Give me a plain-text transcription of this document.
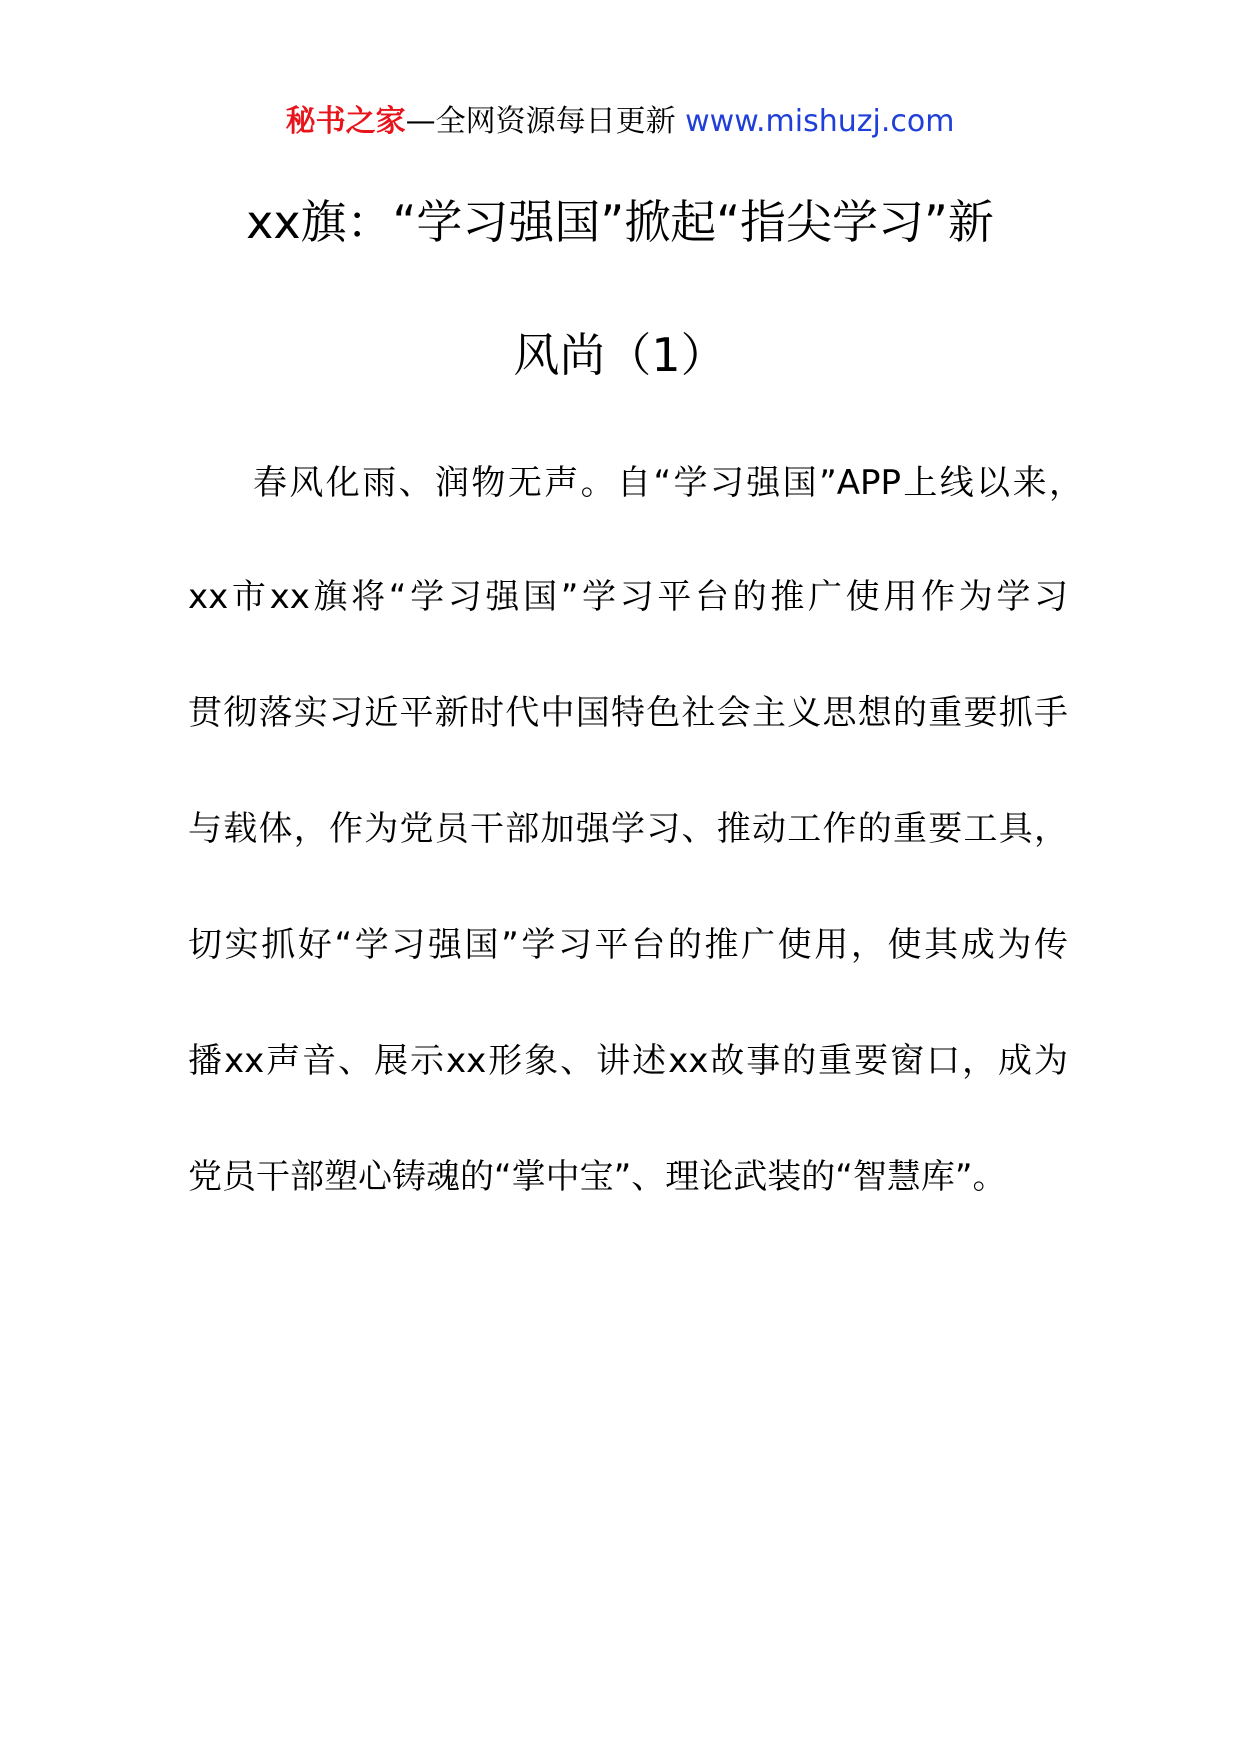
秘书之家—全网资源每日更新 www.mishuzj.com
xx旗：“学习强国”掀起“指尖学习”新
风尚（1）
春风化雨、润物无声。自“学习强国”APP上线以来，
xx市xx旗将“学习强国”学习平台的推广使用作为学习
贯彻落实习近平新时代中国特色社会主义思想的重要抓手
与载体，作为党员干部加强学习、推动工作的重要工具，
切实抓好“学习强国”学习平台的推广使用，使其成为传
播xx声音、展示xx形象、讲述xx故事的重要窗口，成为
党员干部塑心铸魂的“掌中宝”、理论武装的“智慧库”。
